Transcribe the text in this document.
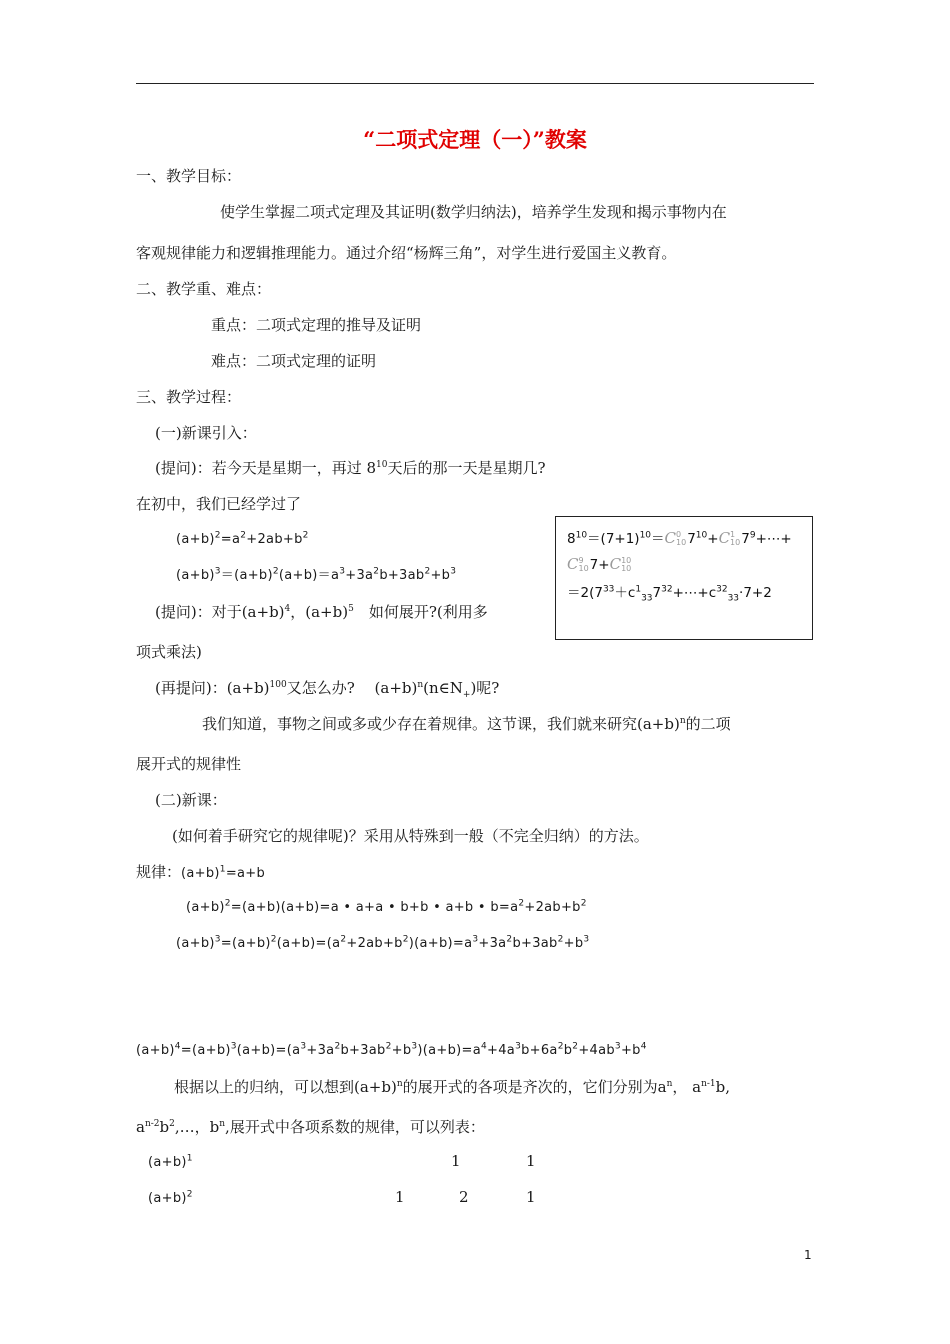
“二项式定理（一）”教案
一、教学目标：
使学生掌握二项式定理及其证明(数学归纳法)，培养学生发现和揭示事物内在
客观规律能力和逻辑推理能力。通过介绍“杨辉三角”，对学生进行爱国主义教育。
二、教学重、难点：
重点：二项式定理的推导及证明
难点：二项式定理的证明
三、教学过程：
(一)新课引入：
(提问)：若今天是星期一，再过 $8^{10}$天后的那一天是星期几?
在初中，我们已经学过了
$(a+b)^2=a^2+2ab+b^2$
$(a+b)^3=(a+b)^2(a+b)=a^3+3a^2b+3ab^2+b^3$
(提问)：对于$(a+b)^4$，$(a+b)^5$　如何展开?(利用多
项式乘法)
(再提问)：$(a+b)^{100}$又怎么办?　 $(a+b)^n(n\in N_+)$呢?
我们知道，事物之间或多或少存在着规律。这节课，我们就来研究$(a+b)^n$的二项
展开式的规律性
(二)新课：
(如何着手研究它的规律呢)？采用从特殊到一般（不完全归纳）的方法。
规律：$(a+b)^1=a+b$
$(a+b)^2=(a+b)(a+b)=a$ • a+a • b+b • a+b • $b=a^2+2ab+b^2$
$(a+b)^3=(a+b)^2(a+b)=(a^2+2ab+b^2)(a+b)=a^3+3a^2b+3ab^2+b^3$
$(a+b)^4=(a+b)^3(a+b)=(a^3+3a^2b+3ab^2+b^3)(a+b)=a^4+4a^3b+6a^2b^2+4ab^3+b^4$
根据以上的归纳，可以想到$(a+b)^n$的展开式的各项是齐次的，它们分别为$a^n$， $a^{n-1}b$,
$a^{n-2}b^2,\dots$，$b^n$,展开式中各项系数的规律，可以列表：
$(a+b)^1$	1	1
$(a+b)^2$	1	2	1
$8^{10}=(7+1)^{10}=C$ 0
10 $7^{10}+C$ 1
10 $7^9+\cdots+$
C 9
10 7+C 10
10
$=2(7^{33}+c^1_{33}7^{32}+\cdots+c^{32}_{33}\cdot 7+2$
1
